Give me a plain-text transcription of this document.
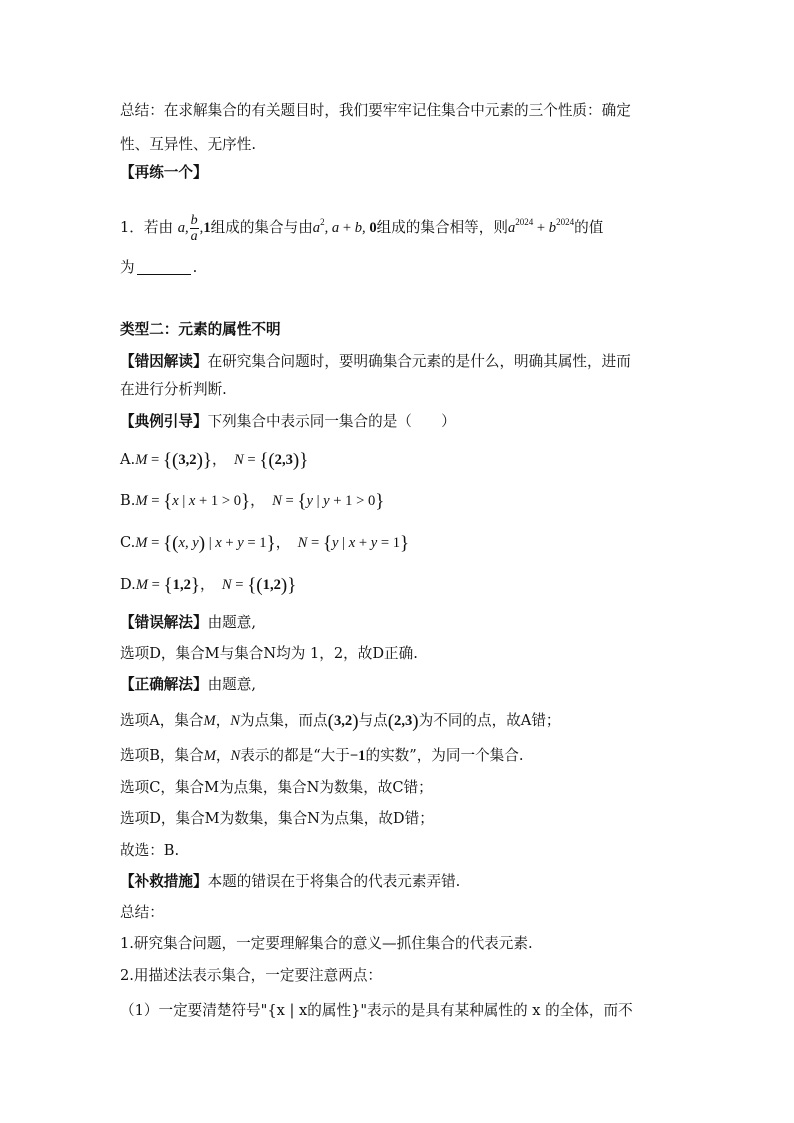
总结：在求解集合的有关题目时，我们要牢牢记住集合中元素的三个性质：确定
性、互异性、无序性.
【再练一个】
1．若由 a, $\frac{b}{a} ,1$组成的集合与由$a^2$, a + b, 0组成的集合相等，则$a^{2024} + b^{2024}$的值
为	.
类型二：元素的属性不明
【错因解读】在研究集合问题时，要明确集合元素的是什么，明确其属性，进而
在进行分析判断.
【典例引导】下列集合中表示同一集合的是（　　）
A.M = {(3,2)}，　N = {(2,3)}
B.M = {x | x + 1 > 0}，　N = {y | y + 1 > 0}
C.M = {(x, y) | x + y = 1}，　N = {y | x + y = 1}
D.M = {1,2}，　N = {(1,2)}
【错误解法】由题意,
选项D，集合M与集合N均为 1，2，故D正确.
【正确解法】由题意,
选项A，集合M，N为点集，而点(3,2)与点(2,3)为不同的点，故A错；
选项B，集合M，N表示的都是“大于−1的实数”，为同一个集合.
选项C，集合M为点集，集合N为数集，故C错；
选项D，集合M为数集，集合N为点集，故D错；
故选：B.
【补救措施】本题的错误在于将集合的代表元素弄错.
总结：
1.研究集合问题，一定要理解集合的意义—抓住集合的代表元素.
2.用描述法表示集合，一定要注意两点：
（1）一定要清楚符号"{x | x的属性}"表示的是具有某种属性的 x 的全体，而不
